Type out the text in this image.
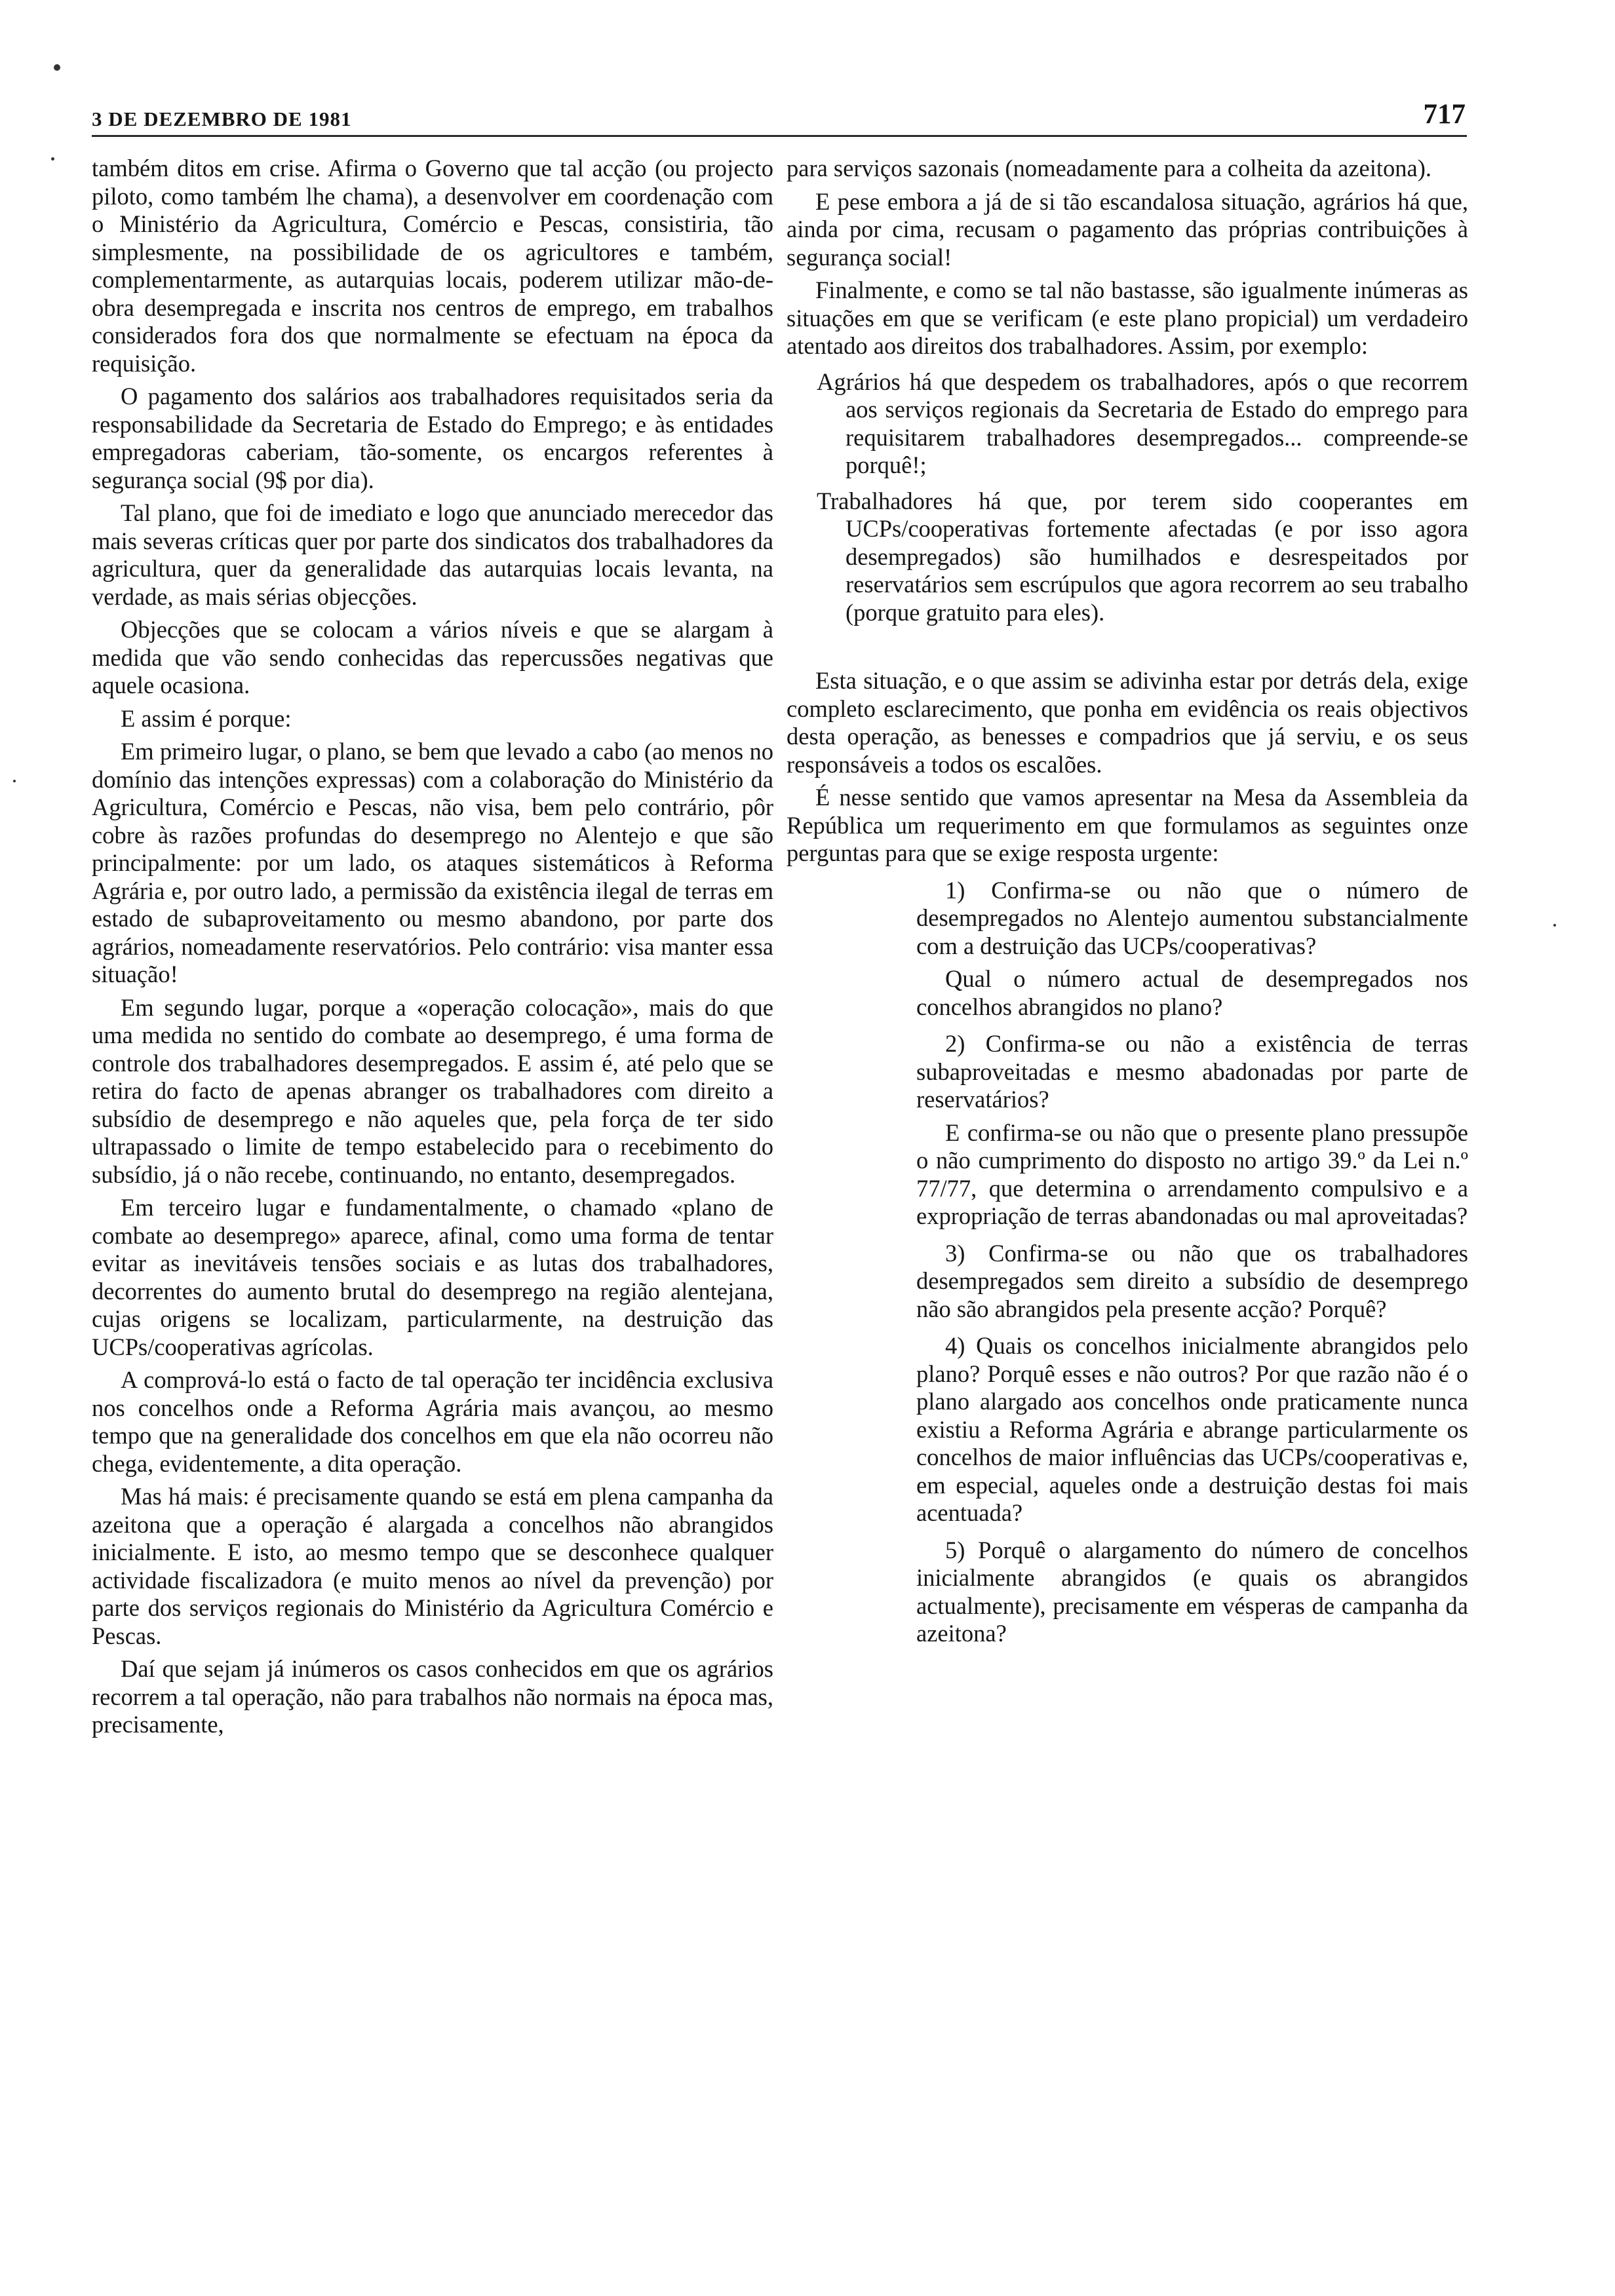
3 DE DEZEMBRO DE 1981	717

também ditos em crise. Afirma o Governo que tal acção (ou projecto piloto, como também lhe chama), a desenvolver em coordenação com o Ministério da Agricultura, Comércio e Pescas, consistiria, tão simplesmente, na possibilidade de os agricultores e também, complementarmente, as autarquias locais, poderem utilizar mão-de-obra desempregada e inscrita nos centros de emprego, em trabalhos considerados fora dos que normalmente se efectuam na época da requisição.

O pagamento dos salários aos trabalhadores requisitados seria da responsabilidade da Secretaria de Estado do Emprego; e às entidades empregadoras caberiam, tão-somente, os encargos referentes à segurança social (9$ por dia).

Tal plano, que foi de imediato e logo que anunciado merecedor das mais severas críticas quer por parte dos sindicatos dos trabalhadores da agricultura, quer da generalidade das autarquias locais levanta, na verdade, as mais sérias objecções.

Objecções que se colocam a vários níveis e que se alargam à medida que vão sendo conhecidas das repercussões negativas que aquele ocasiona.

E assim é porque:

Em primeiro lugar, o plano, se bem que levado a cabo (ao menos no domínio das intenções expressas) com a colaboração do Ministério da Agricultura, Comércio e Pescas, não visa, bem pelo contrário, pôr cobre às razões profundas do desemprego no Alentejo e que são principalmente: por um lado, os ataques sistemáticos à Reforma Agrária e, por outro lado, a permissão da existência ilegal de terras em estado de subaproveitamento ou mesmo abandono, por parte dos agrários, nomeadamente reservatórios. Pelo contrário: visa manter essa situação!

Em segundo lugar, porque a «operação colocação», mais do que uma medida no sentido do combate ao desemprego, é uma forma de controle dos trabalhadores desempregados. E assim é, até pelo que se retira do facto de apenas abranger os trabalhadores com direito a subsídio de desemprego e não aqueles que, pela força de ter sido ultrapassado o limite de tempo estabelecido para o recebimento do subsídio, já o não recebe, continuando, no entanto, desempregados.

Em terceiro lugar e fundamentalmente, o chamado «plano de combate ao desemprego» aparece, afinal, como uma forma de tentar evitar as inevitáveis tensões sociais e as lutas dos trabalhadores, decorrentes do aumento brutal do desemprego na região alentejana, cujas origens se localizam, particularmente, na destruição das UCPs/cooperativas agrícolas.

A comprová-lo está o facto de tal operação ter incidência exclusiva nos concelhos onde a Reforma Agrária mais avançou, ao mesmo tempo que na generalidade dos concelhos em que ela não ocorreu não chega, evidentemente, a dita operação.

Mas há mais: é precisamente quando se está em plena campanha da azeitona que a operação é alargada a concelhos não abrangidos inicialmente. E isto, ao mesmo tempo que se desconhece qualquer actividade fiscalizadora (e muito menos ao nível da prevenção) por parte dos serviços regionais do Ministério da Agricultura Comércio e Pescas.

Daí que sejam já inúmeros os casos conhecidos em que os agrários recorrem a tal operação, não para trabalhos não normais na época mas, precisamente,

para serviços sazonais (nomeadamente para a colheita da azeitona).

E pese embora a já de si tão escandalosa situação, agrários há que, ainda por cima, recusam o pagamento das próprias contribuições à segurança social!

Finalmente, e como se tal não bastasse, são igualmente inúmeras as situações em que se verificam (e este plano propicial) um verdadeiro atentado aos direitos dos trabalhadores. Assim, por exemplo:

Agrários há que despedem os trabalhadores, após o que recorrem aos serviços regionais da Secretaria de Estado do emprego para requisitarem trabalhadores desempregados... compreende-se porquê!;

Trabalhadores há que, por terem sido cooperantes em UCPs/cooperativas fortemente afectadas (e por isso agora desempregados) são humilhados e desrespeitados por reservatários sem escrúpulos que agora recorrem ao seu trabalho (porque gratuito para eles).

Esta situação, e o que assim se adivinha estar por detrás dela, exige completo esclarecimento, que ponha em evidência os reais objectivos desta operação, as benesses e compadrios que já serviu, e os seus responsáveis a todos os escalões.

É nesse sentido que vamos apresentar na Mesa da Assembleia da República um requerimento em que formulamos as seguintes onze perguntas para que se exige resposta urgente:

1) Confirma-se ou não que o número de desempregados no Alentejo aumentou substancialmente com a destruição das UCPs/cooperativas?

Qual o número actual de desempregados nos concelhos abrangidos no plano?

2) Confirma-se ou não a existência de terras subaproveitadas e mesmo abadonadas por parte de reservatários?

E confirma-se ou não que o presente plano pressupõe o não cumprimento do disposto no artigo 39.º da Lei n.º 77/77, que determina o arrendamento compulsivo e a expropriação de terras abandonadas ou mal aproveitadas?

3) Confirma-se ou não que os trabalhadores desempregados sem direito a subsídio de desemprego não são abrangidos pela presente acção? Porquê?

4) Quais os concelhos inicialmente abrangidos pelo plano? Porquê esses e não outros? Por que razão não é o plano alargado aos concelhos onde praticamente nunca existiu a Reforma Agrária e abrange particularmente os concelhos de maior influências das UCPs/cooperativas e, em especial, aqueles onde a destruição destas foi mais acentuada?

5) Porquê o alargamento do número de concelhos inicialmente abrangidos (e quais os abrangidos actualmente), precisamente em vésperas de campanha da azeitona?
